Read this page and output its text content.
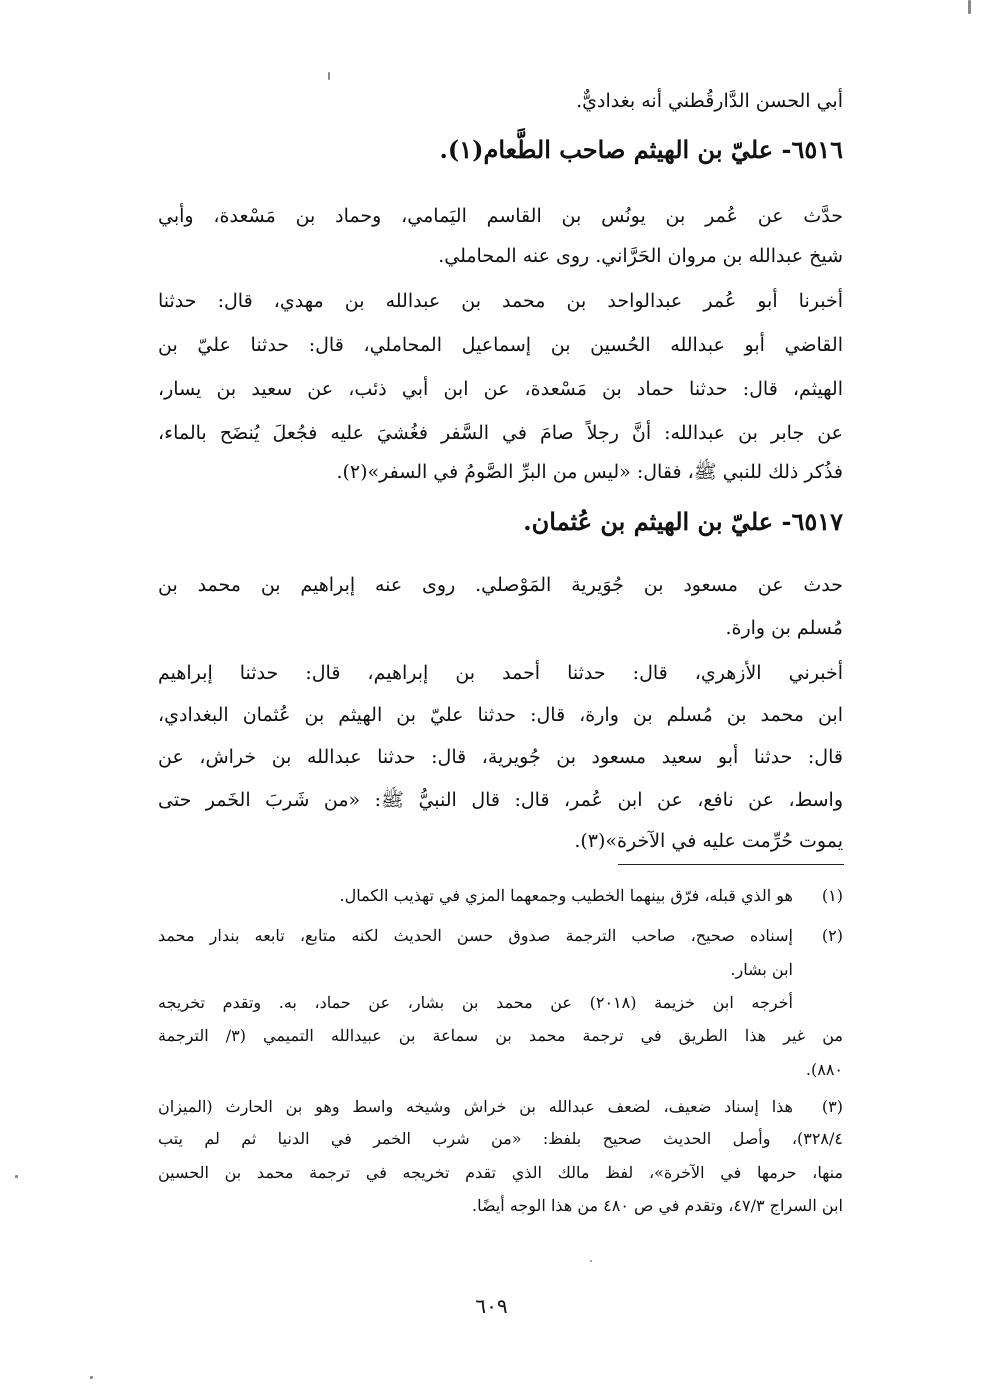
أبي الحسن الدَّارقُطني أنه بغداديٌّ.
٦٥١٦- عليّ بن الهيثم صاحب الطَّعام(١).
حدَّث عن عُمر بن يونُس بن القاسم اليَمامي، وحماد بن مَسْعدة، وأبي
شيخ عبدالله بن مروان الحَرَّاني. روى عنه المحاملي.
أخبرنا أبو عُمر عبدالواحد بن محمد بن عبدالله بن مهدي، قال: حدثنا
القاضي أبو عبدالله الحُسين بن إسماعيل المحاملي، قال: حدثنا عليّ بن
الهيثم، قال: حدثنا حماد بن مَسْعدة، عن ابن أبي ذئب، عن سعيد بن يسار،
عن جابر بن عبدالله: أنَّ رجلاً صامَ في السَّفر فغُشيَ عليه فجُعلَ يُنضَح بالماء،
فذُكر ذلك للنبي ﷺ، فقال: «ليس من البرِّ الصَّومُ في السفر»(٢).
٦٥١٧- عليّ بن الهيثم بن عُثمان.
حدث عن مسعود بن جُوَيرية المَوْصلي. روى عنه إبراهيم بن محمد بن
مُسلم بن وارة.
أخبرني الأزهري، قال: حدثنا أحمد بن إبراهيم، قال: حدثنا إبراهيم
ابن محمد بن مُسلم بن وارة، قال: حدثنا عليّ بن الهيثم بن عُثمان البغدادي،
قال: حدثنا أبو سعيد مسعود بن جُويرية، قال: حدثنا عبدالله بن خراش، عن
واسط، عن نافع، عن ابن عُمر، قال: قال النبيُّ ﷺ: «من شَربَ الخَمر حتى
يموت حُرِّمت عليه في الآخرة»(٣).
(١)
هو الذي قبله، فرّق بينهما الخطيب وجمعهما المزي في تهذيب الكمال.
(٢)
إسناده صحيح، صاحب الترجمة صدوق حسن الحديث لكنه متابع، تابعه بندار محمد
ابن بشار.
أخرجه ابن خزيمة (٢٠١٨) عن محمد بن بشار، عن حماد، به. وتقدم تخريجه
من غير هذا الطريق في ترجمة محمد بن سماعة بن عبيدالله التميمي (٣/ الترجمة
٨٨٠).
(٣)
هذا إسناد ضعيف، لضعف عبدالله بن خراش وشيخه واسط وهو بن الحارث (الميزان
٣٢٨/٤)، وأصل الحديث صحيح بلفظ: «من شرب الخمر في الدنيا ثم لم يتب
منها، حرمها في الآخرة»، لفظ مالك الذي تقدم تخريجه في ترجمة محمد بن الحسين
ابن السراج ٤٧/٣، وتقدم في ص ٤٨٠ من هذا الوجه أيضًا.
٦٠٩
